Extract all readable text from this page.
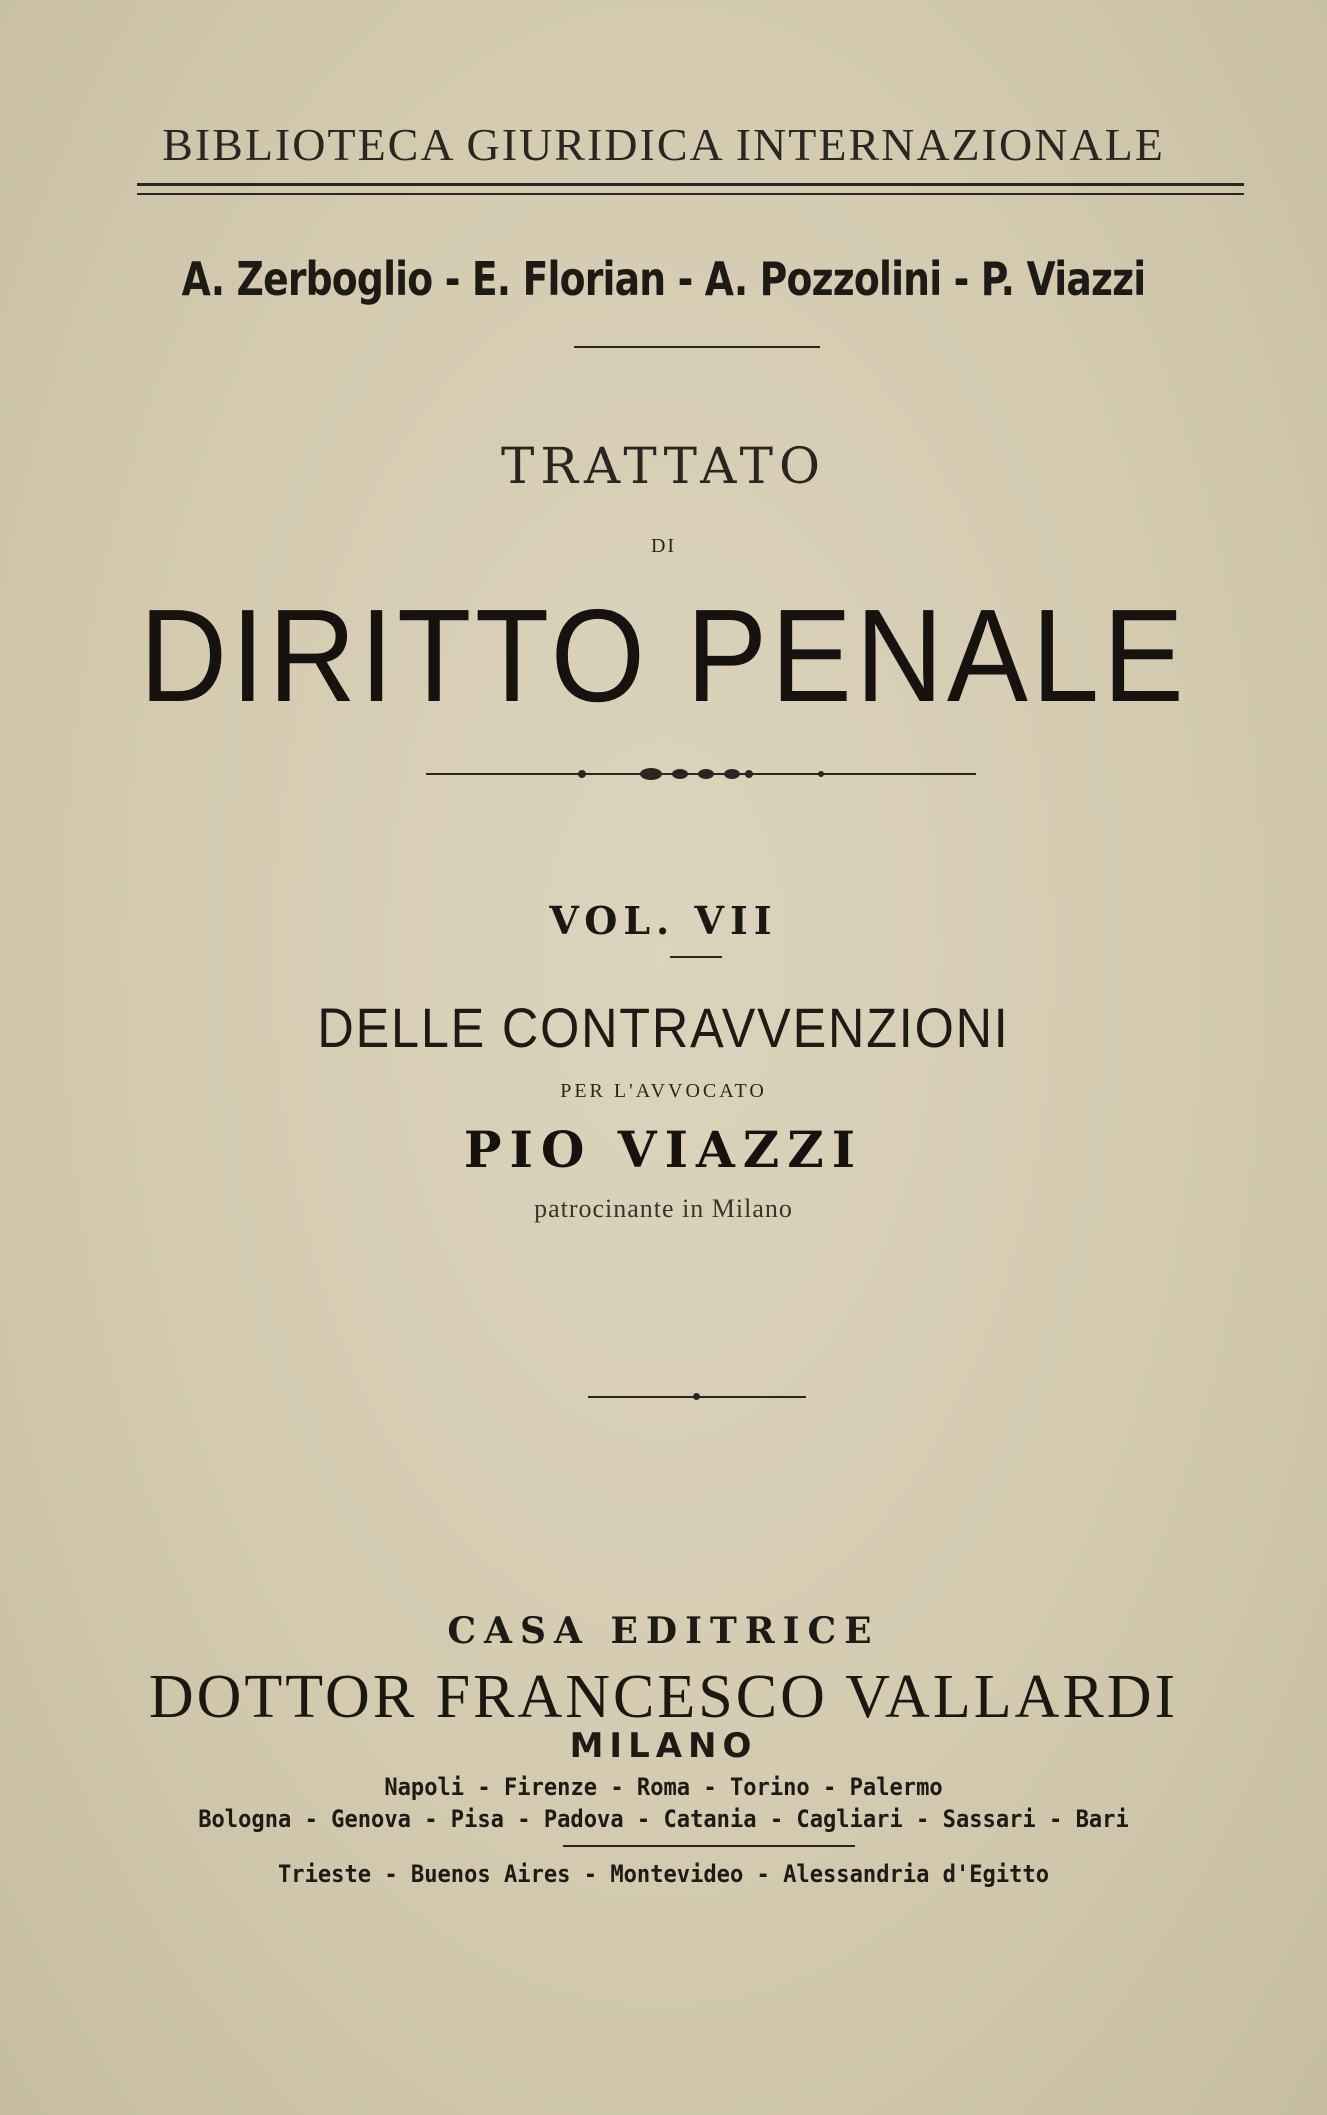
BIBLIOTECA GIURIDICA INTERNAZIONALE
A. Zerboglio - E. Florian - A. Pozzolini - P. Viazzi
TRATTATO
DI
DIRITTO PENALE
VOL. VII
DELLE CONTRAVVENZIONI
PER L'AVVOCATO
PIO VIAZZI
patrocinante in Milano
CASA EDITRICE
DOTTOR FRANCESCO VALLARDI
MILANO
Napoli - Firenze - Roma - Torino - Palermo
Bologna - Genova - Pisa - Padova - Catania - Cagliari - Sassari - Bari
Trieste - Buenos Aires - Montevideo - Alessandria d'Egitto
